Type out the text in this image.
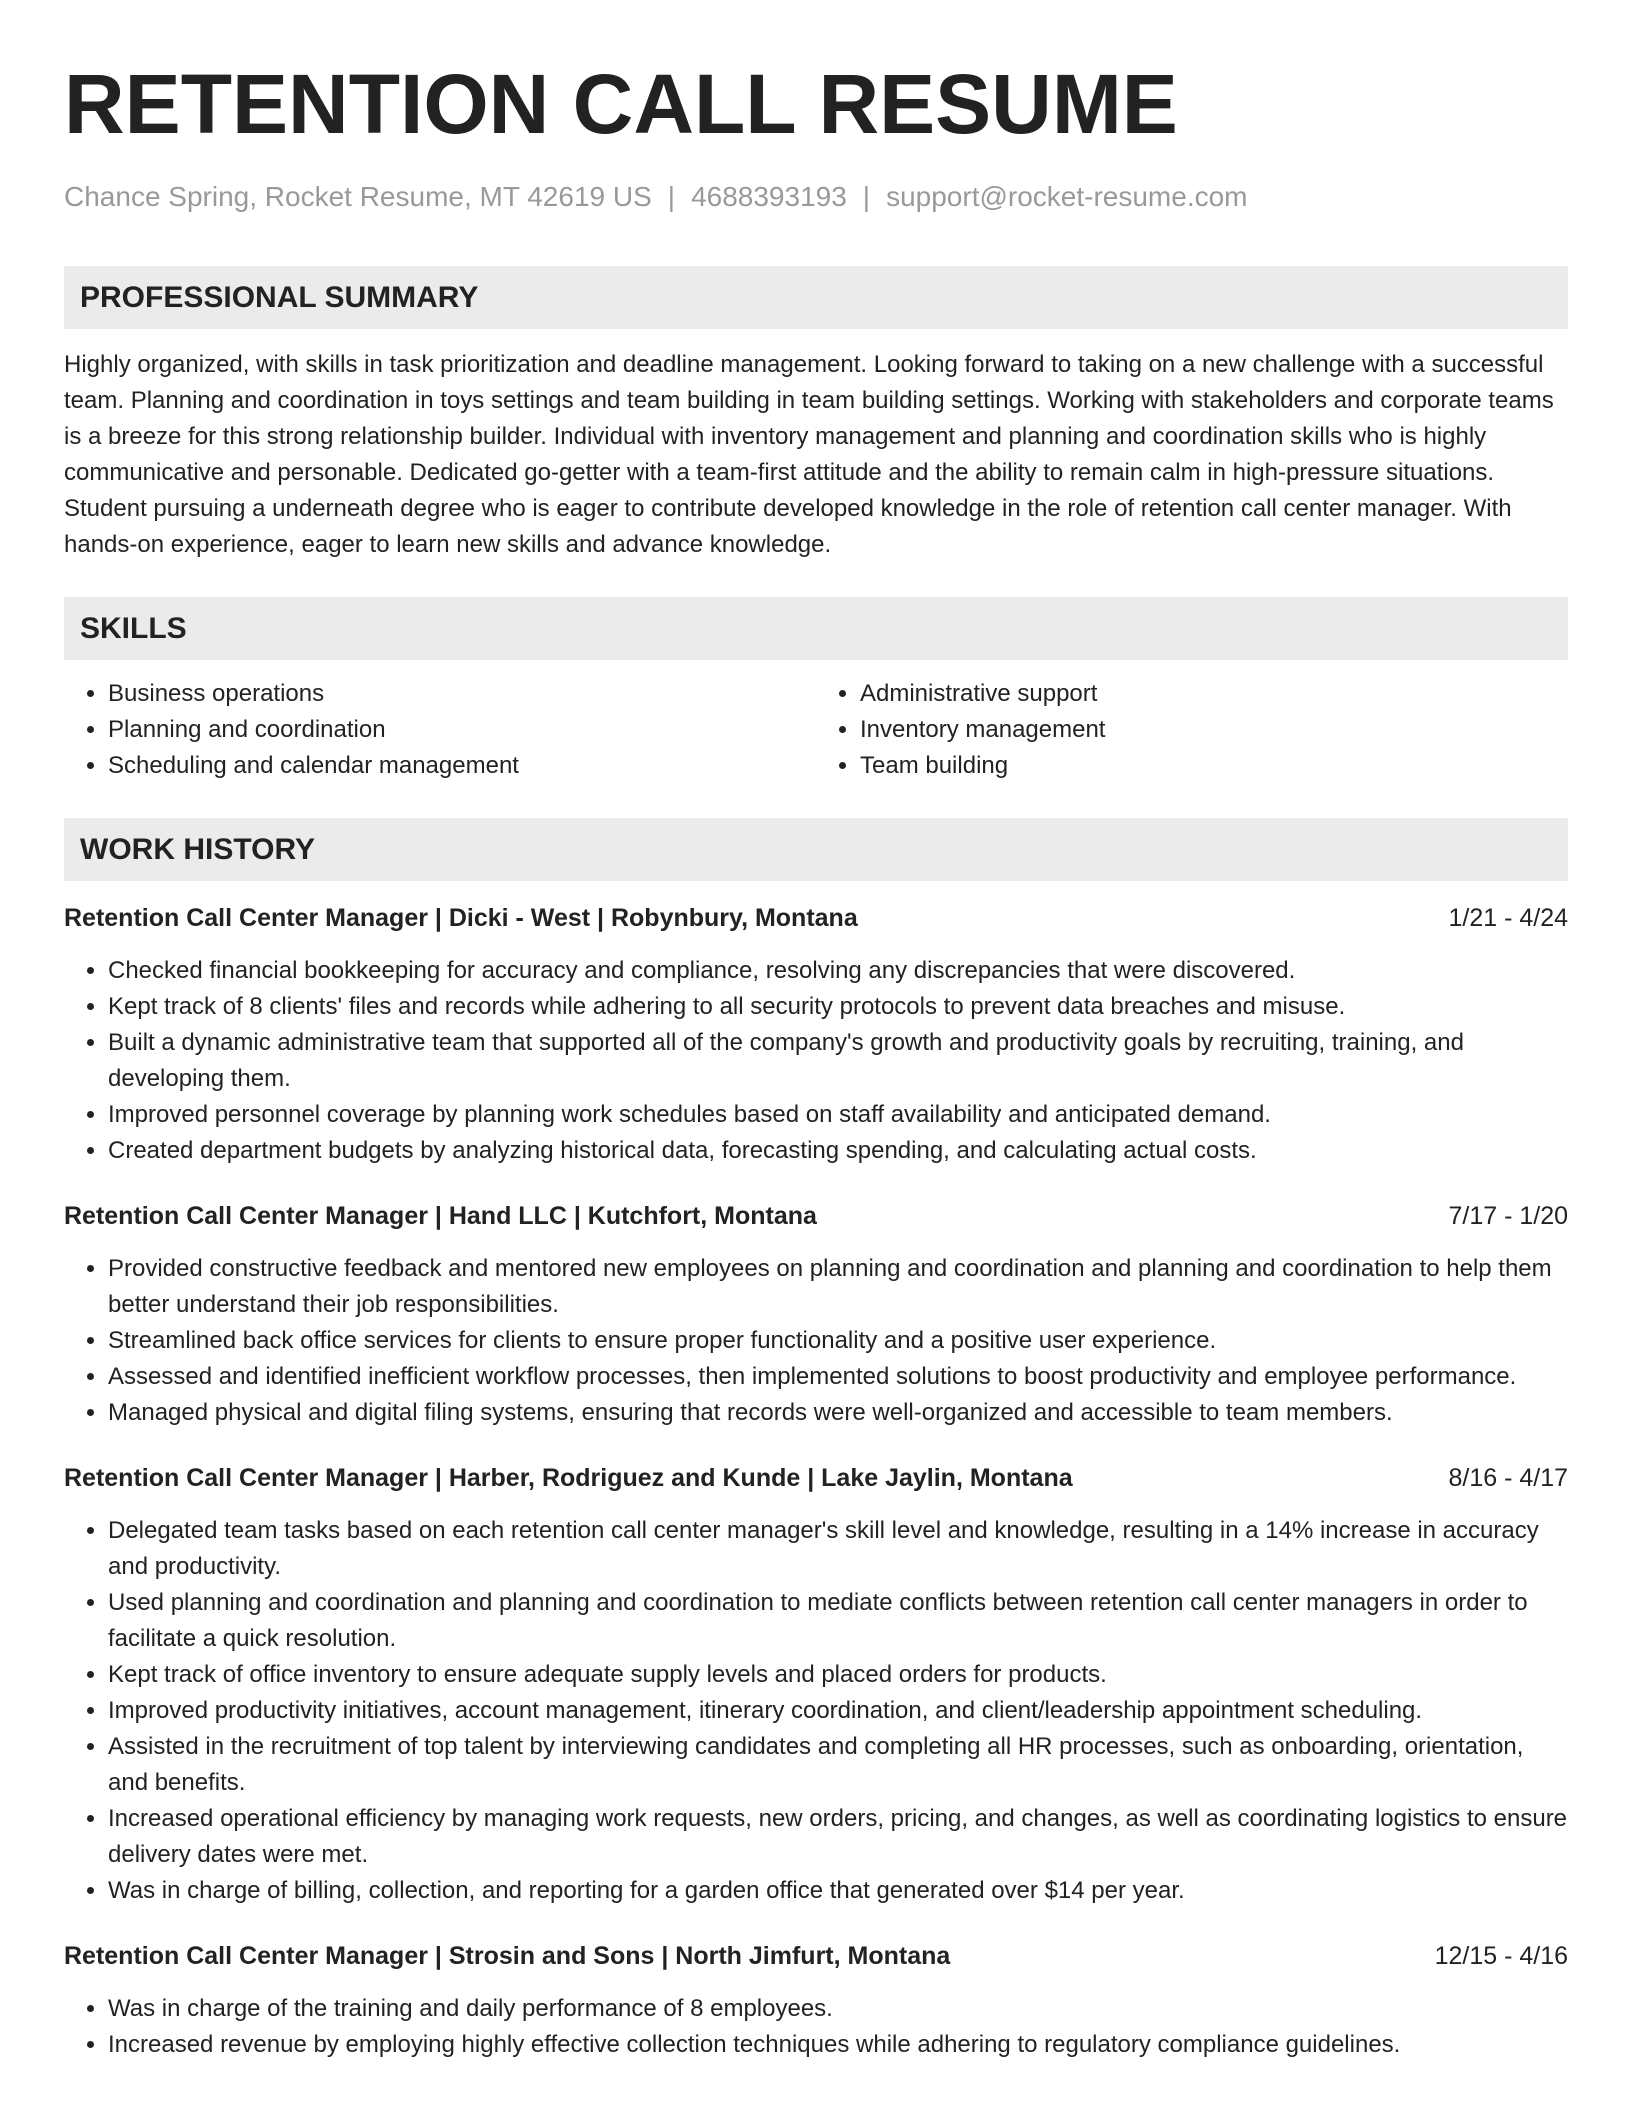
RETENTION CALL RESUME
Chance Spring, Rocket Resume, MT 42619 US | 4688393193 | support@rocket-resume.com
PROFESSIONAL SUMMARY

Highly organized, with skills in task prioritization and deadline management. Looking forward to taking on a new challenge with a successful team. Planning and coordination in toys settings and team building in team building settings. Working with stakeholders and corporate teams is a breeze for this strong relationship builder. Individual with inventory management and planning and coordination skills who is highly communicative and personable. Dedicated go-getter with a team-first attitude and the ability to remain calm in high-pressure situations. Student pursuing a underneath degree who is eager to contribute developed knowledge in the role of retention call center manager. With hands-on experience, eager to learn new skills and advance knowledge.

SKILLS
• Business operations
• Planning and coordination
• Scheduling and calendar management
• Administrative support
• Inventory management
• Team building
WORK HISTORY
Retention Call Center Manager | Dicki - West | Robynbury, Montana	1/21 - 4/24
• Checked financial bookkeeping for accuracy and compliance, resolving any discrepancies that were discovered.
• Kept track of 8 clients' files and records while adhering to all security protocols to prevent data breaches and misuse.
• Built a dynamic administrative team that supported all of the company's growth and productivity goals by recruiting, training, and developing them.
• Improved personnel coverage by planning work schedules based on staff availability and anticipated demand.
• Created department budgets by analyzing historical data, forecasting spending, and calculating actual costs.
Retention Call Center Manager | Hand LLC | Kutchfort, Montana	7/17 - 1/20
• Provided constructive feedback and mentored new employees on planning and coordination and planning and coordination to help them better understand their job responsibilities.
• Streamlined back office services for clients to ensure proper functionality and a positive user experience.
• Assessed and identified inefficient workflow processes, then implemented solutions to boost productivity and employee performance.
• Managed physical and digital filing systems, ensuring that records were well-organized and accessible to team members.
Retention Call Center Manager | Harber, Rodriguez and Kunde | Lake Jaylin, Montana	8/16 - 4/17
• Delegated team tasks based on each retention call center manager's skill level and knowledge, resulting in a 14% increase in accuracy and productivity.
• Used planning and coordination and planning and coordination to mediate conflicts between retention call center managers in order to facilitate a quick resolution.
• Kept track of office inventory to ensure adequate supply levels and placed orders for products.
• Improved productivity initiatives, account management, itinerary coordination, and client/leadership appointment scheduling.
• Assisted in the recruitment of top talent by interviewing candidates and completing all HR processes, such as onboarding, orientation, and benefits.
• Increased operational efficiency by managing work requests, new orders, pricing, and changes, as well as coordinating logistics to ensure delivery dates were met.
• Was in charge of billing, collection, and reporting for a garden office that generated over $14 per year.
Retention Call Center Manager | Strosin and Sons | North Jimfurt, Montana	12/15 - 4/16
• Was in charge of the training and daily performance of 8 employees.
• Increased revenue by employing highly effective collection techniques while adhering to regulatory compliance guidelines.
